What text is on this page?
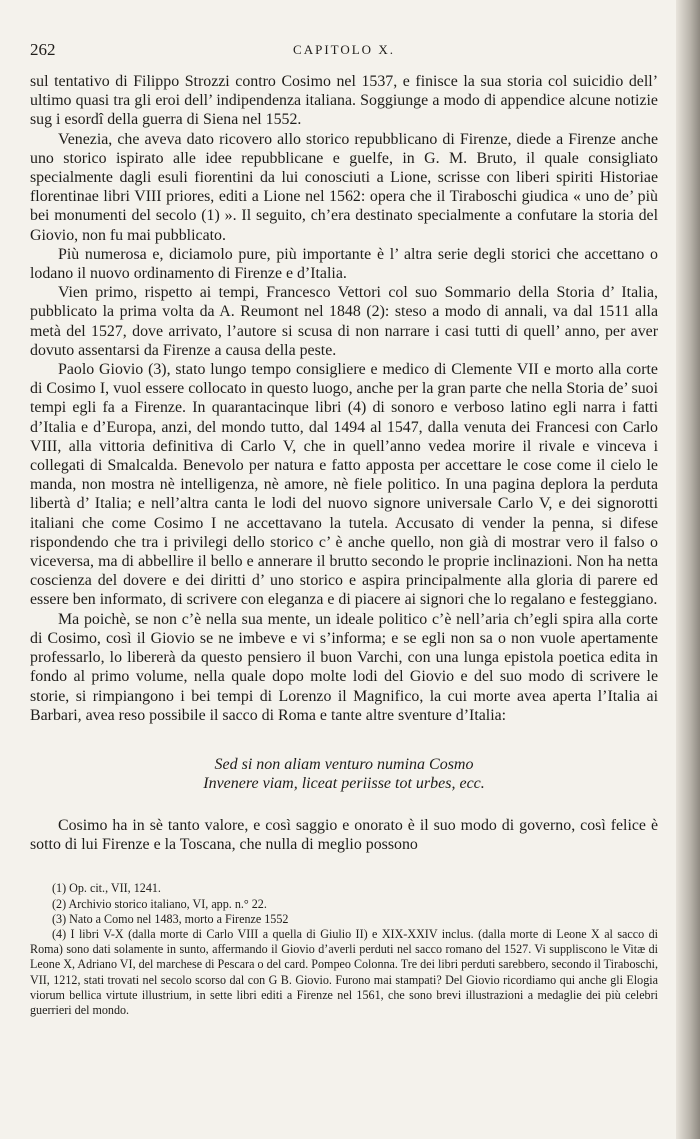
262	CAPITOLO X.

sul tentativo di Filippo Strozzi contro Cosimo nel 1537, e finisce la sua storia col suicidio dell’ ultimo quasi tra gli eroi dell’ indipendenza italiana. Soggiunge a modo di appendice alcune notizie sug i esordî della guerra di Siena nel 1552.

Venezia, che aveva dato ricovero allo storico repubblicano di Firenze, diede a Firenze anche uno storico ispirato alle idee repubblicane e guelfe, in G. M. Bruto, il quale consigliato specialmente dagli esuli fiorentini da lui conosciuti a Lione, scrisse con liberi spiriti Historiae florentinae libri VIII priores, editi a Lione nel 1562: opera che il Tiraboschi giudica « uno de’ più bei monumenti del secolo (1) ». Il seguito, ch’era destinato specialmente a confutare la storia del Giovio, non fu mai pubblicato.

Più numerosa e, diciamolo pure, più importante è l’ altra serie degli storici che accettano o lodano il nuovo ordinamento di Firenze e d’Italia.

Vien primo, rispetto ai tempi, Francesco Vettori col suo Sommario della Storia d’ Italia, pubblicato la prima volta da A. Reumont nel 1848 (2): steso a modo di annali, va dal 1511 alla metà del 1527, dove arrivato, l’autore si scusa di non narrare i casi tutti di quell’ anno, per aver dovuto assentarsi da Firenze a causa della peste.

Paolo Giovio (3), stato lungo tempo consigliere e medico di Clemente VII e morto alla corte di Cosimo I, vuol essere collocato in questo luogo, anche per la gran parte che nella Storia de’ suoi tempi egli fa a Firenze. In quarantacinque libri (4) di sonoro e verboso latino egli narra i fatti d’Italia e d’Europa, anzi, del mondo tutto, dal 1494 al 1547, dalla venuta dei Francesi con Carlo VIII, alla vittoria definitiva di Carlo V, che in quell’anno vedea morire il rivale e vinceva i collegati di Smalcalda. Benevolo per natura e fatto apposta per accettare le cose come il cielo le manda, non mostra nè intelligenza, nè amore, nè fiele politico. In una pagina deplora la perduta libertà d’ Italia; e nell’altra canta le lodi del nuovo signore universale Carlo V, e dei signorotti italiani che come Cosimo I ne accettavano la tutela. Accusato di vender la penna, si difese rispondendo che tra i privilegi dello storico c’ è anche quello, non già di mostrar vero il falso o viceversa, ma di abbellire il bello e annerare il brutto secondo le proprie inclinazioni. Non ha netta coscienza del dovere e dei diritti d’ uno storico e aspira principalmente alla gloria di parere ed essere ben informato, di scrivere con eleganza e di piacere ai signori che lo regalano e festeggiano.

Ma poichè, se non c’è nella sua mente, un ideale politico c’è nell’aria ch’egli spira alla corte di Cosimo, così il Giovio se ne imbeve e vi s’informa; e se egli non sa o non vuole apertamente professarlo, lo libererà da questo pensiero il buon Varchi, con una lunga epistola poetica edita in fondo al primo volume, nella quale dopo molte lodi del Giovio e del suo modo di scrivere le storie, si rimpiangono i bei tempi di Lorenzo il Magnifico, la cui morte avea aperta l’Italia ai Barbari, avea reso possibile il sacco di Roma e tante altre sventure d’Italia:

Sed si non aliam venturo numina Cosmo
Invenere viam, liceat periisse tot urbes, ecc.

Cosimo ha in sè tanto valore, e così saggio e onorato è il suo modo di governo, così felice è sotto di lui Firenze e la Toscana, che nulla di meglio possono

(1) Op. cit., VII, 1241.
(2) Archivio storico italiano, VI, app. n.° 22.
(3) Nato a Como nel 1483, morto a Firenze 1552
(4) I libri V-X (dalla morte di Carlo VIII a quella di Giulio II) e XIX-XXIV inclus. (dalla morte di Leone X al sacco di Roma) sono dati solamente in sunto, affermando il Giovio d’averli perduti nel sacco romano del 1527. Vi suppliscono le Vitæ di Leone X, Adriano VI, del marchese di Pescara o del card. Pompeo Colonna. Tre dei libri perduti sarebbero, secondo il Tiraboschi, VII, 1212, stati trovati nel secolo scorso dal con G B. Giovio. Furono mai stampati? Del Giovio ricordiamo qui anche gli Elogia viorum bellica virtute illustrium, in sette libri editi a Firenze nel 1561, che sono brevi illustrazioni a medaglie dei più celebri guerrieri del mondo.
